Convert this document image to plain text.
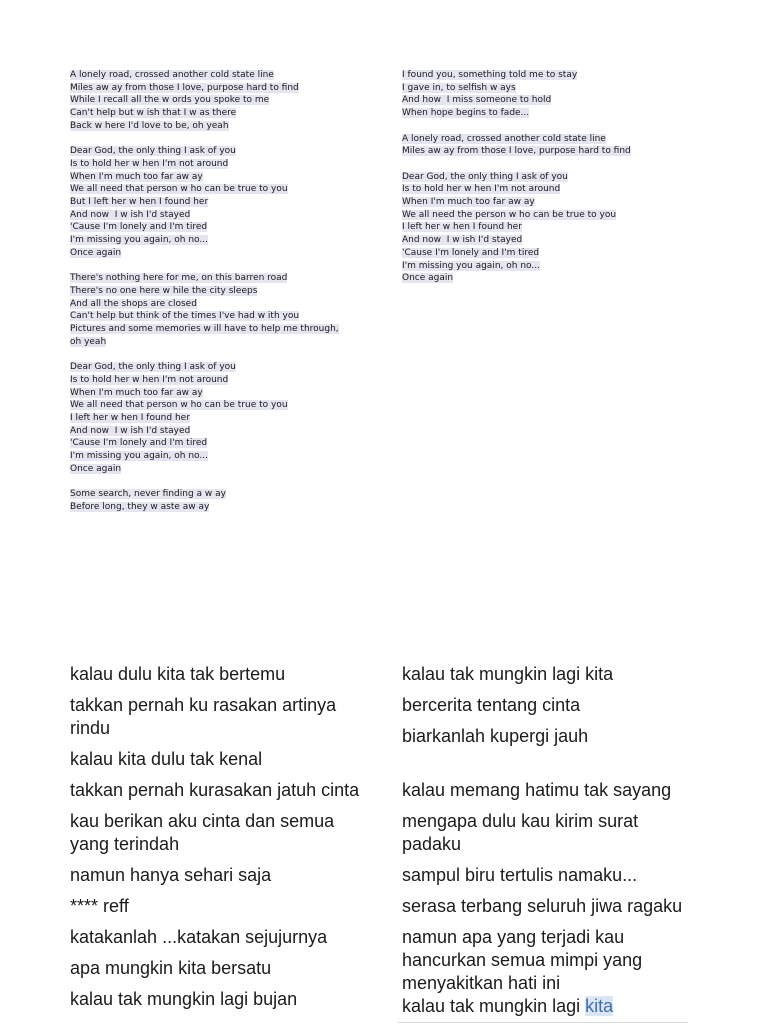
A lonely road, crossed another cold state line
Miles aw ay from those I love, purpose hard to find
While I recall all the w ords you spoke to me
Can't help but w ish that I w as there
Back w here I'd love to be, oh yeah
Dear God, the only thing I ask of you
Is to hold her w hen I'm not around
When I'm much too far aw ay
We all need that person w ho can be true to you
But I left her w hen I found her
And now  I w ish I'd stayed
'Cause I'm lonely and I'm tired
I'm missing you again, oh no...
Once again
There's nothing here for me, on this barren road
There's no one here w hile the city sleeps
And all the shops are closed
Can't help but think of the times I've had w ith you
Pictures and some memories w ill have to help me through,
oh yeah
Dear God, the only thing I ask of you
Is to hold her w hen I'm not around
When I'm much too far aw ay
We all need that person w ho can be true to you
I left her w hen I found her
And now  I w ish I'd stayed
'Cause I'm lonely and I'm tired
I'm missing you again, oh no...
Once again
Some search, never finding a w ay
Before long, they w aste aw ay
I found you, something told me to stay
I gave in, to selfish w ays
And how  I miss someone to hold
When hope begins to fade...
A lonely road, crossed another cold state line
Miles aw ay from those I love, purpose hard to find
Dear God, the only thing I ask of you
Is to hold her w hen I'm not around
When I'm much too far aw ay
We all need the person w ho can be true to you
I left her w hen I found her
And now  I w ish I'd stayed
'Cause I'm lonely and I'm tired
I'm missing you again, oh no...
Once again
kalau dulu kita tak bertemu
takkan pernah ku rasakan artinya rindu
kalau kita dulu tak kenal
takkan pernah kurasakan jatuh cinta
kau berikan aku cinta dan semua yang terindah
namun hanya sehari saja
**** reff
katakanlah ...katakan sejujurnya
apa mungkin kita bersatu
kalau tak mungkin lagi bujan
kalau tak mungkin lagi kita
bercerita tentang cinta
biarkanlah kupergi jauh
kalau memang hatimu tak sayang
mengapa dulu kau kirim surat padaku
sampul biru tertulis namaku...
serasa terbang seluruh jiwa ragaku
namun apa yang terjadi kau hancurkan semua mimpi yang menyakitkan hati ini
kalau tak mungkin lagi kita
